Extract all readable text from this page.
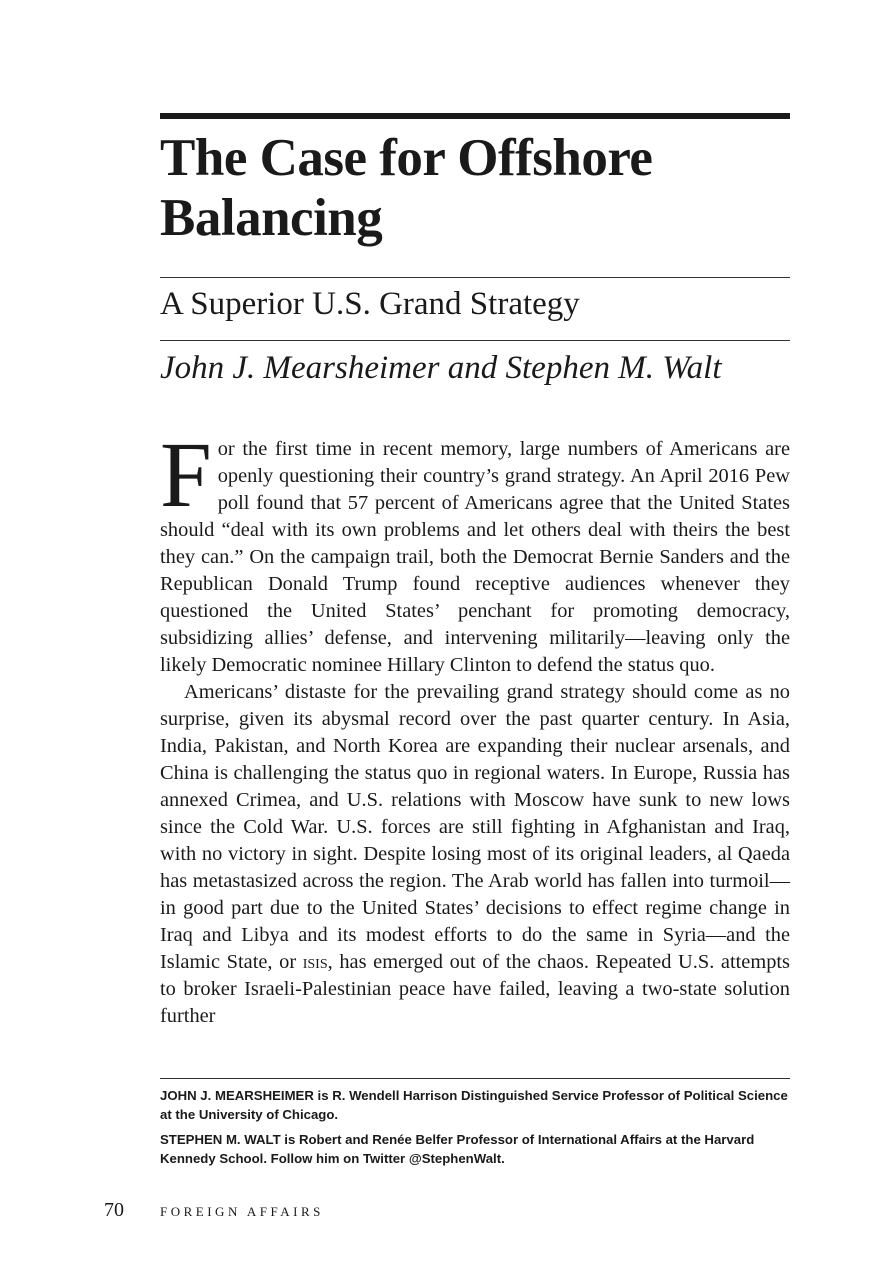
The Case for Offshore Balancing
A Superior U.S. Grand Strategy
John J. Mearsheimer and Stephen M. Walt

For the first time in recent memory, large numbers of Americans are openly questioning their country’s grand strategy. An April 2016 Pew poll found that 57 percent of Americans agree that the United States should “deal with its own problems and let others deal with theirs the best they can.” On the campaign trail, both the Democrat Bernie Sanders and the Republican Donald Trump found receptive audiences whenever they questioned the United States’ penchant for promoting democracy, subsidizing allies’ defense, and intervening militarily—leaving only the likely Democratic nominee Hillary Clinton to defend the status quo.

Americans’ distaste for the prevailing grand strategy should come as no surprise, given its abysmal record over the past quarter century. In Asia, India, Pakistan, and North Korea are expanding their nuclear arsenals, and China is challenging the status quo in regional waters. In Europe, Russia has annexed Crimea, and U.S. relations with Moscow have sunk to new lows since the Cold War. U.S. forces are still fighting in Afghanistan and Iraq, with no victory in sight. Despite losing most of its original leaders, al Qaeda has metastasized across the region. The Arab world has fallen into turmoil—in good part due to the United States’ decisions to effect regime change in Iraq and Libya and its modest efforts to do the same in Syria—and the Islamic State, or isis, has emerged out of the chaos. Repeated U.S. attempts to broker Israeli-Palestinian peace have failed, leaving a two-state solution further

JOHN J. MEARSHEIMER is R. Wendell Harrison Distinguished Service Professor of Political Science at the University of Chicago.

STEPHEN M. WALT is Robert and Renée Belfer Professor of International Affairs at the Harvard Kennedy School. Follow him on Twitter @StephenWalt.

70	FOREIGN AFFAIRS
